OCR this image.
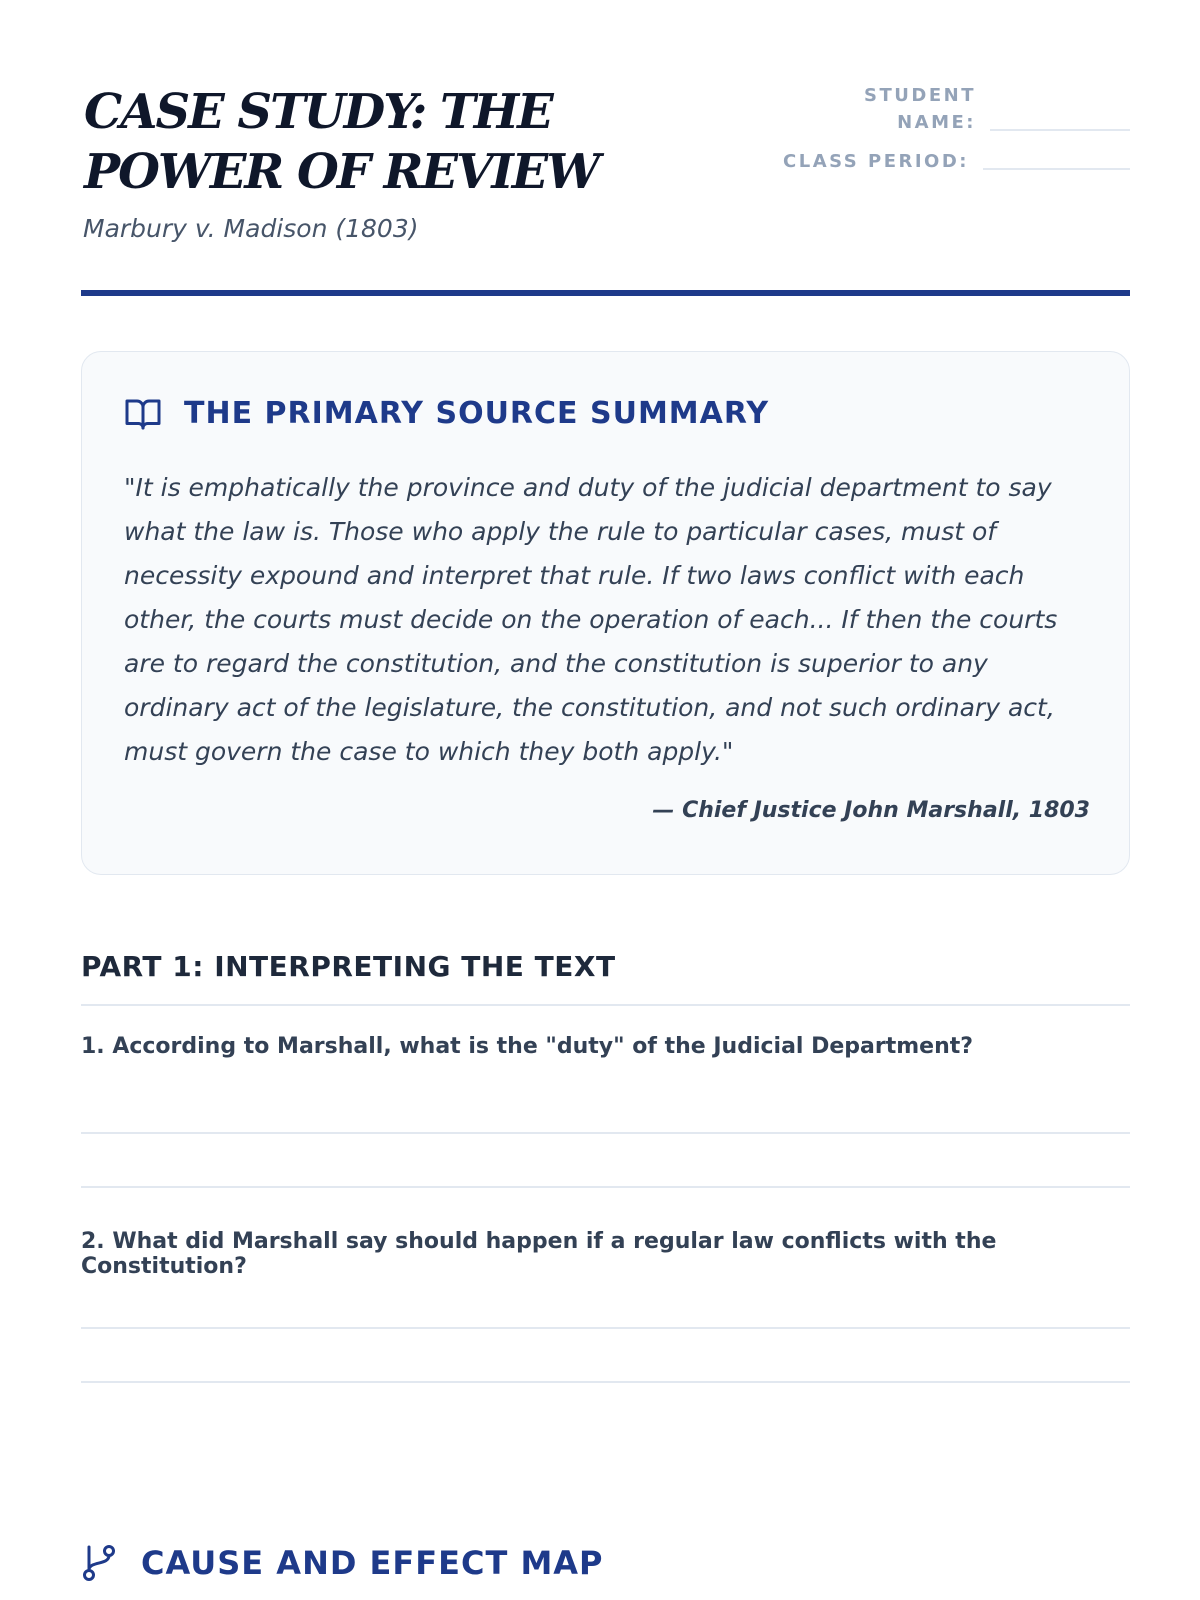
CASE STUDY: THE POWER OF REVIEW
Marbury v. Madison (1803)
STUDENT NAME:
CLASS PERIOD:
THE PRIMARY SOURCE SUMMARY

"It is emphatically the province and duty of the judicial department to say what the law is. Those who apply the rule to particular cases, must of necessity expound and interpret that rule. If two laws conflict with each other, the courts must decide on the operation of each... If then the courts are to regard the constitution, and the constitution is superior to any ordinary act of the legislature, the constitution, and not such ordinary act, must govern the case to which they both apply."

— Chief Justice John Marshall, 1803
PART 1: INTERPRETING THE TEXT
1. According to Marshall, what is the "duty" of the Judicial Department?
2. What did Marshall say should happen if a regular law conflicts with the Constitution?
CAUSE AND EFFECT MAP
